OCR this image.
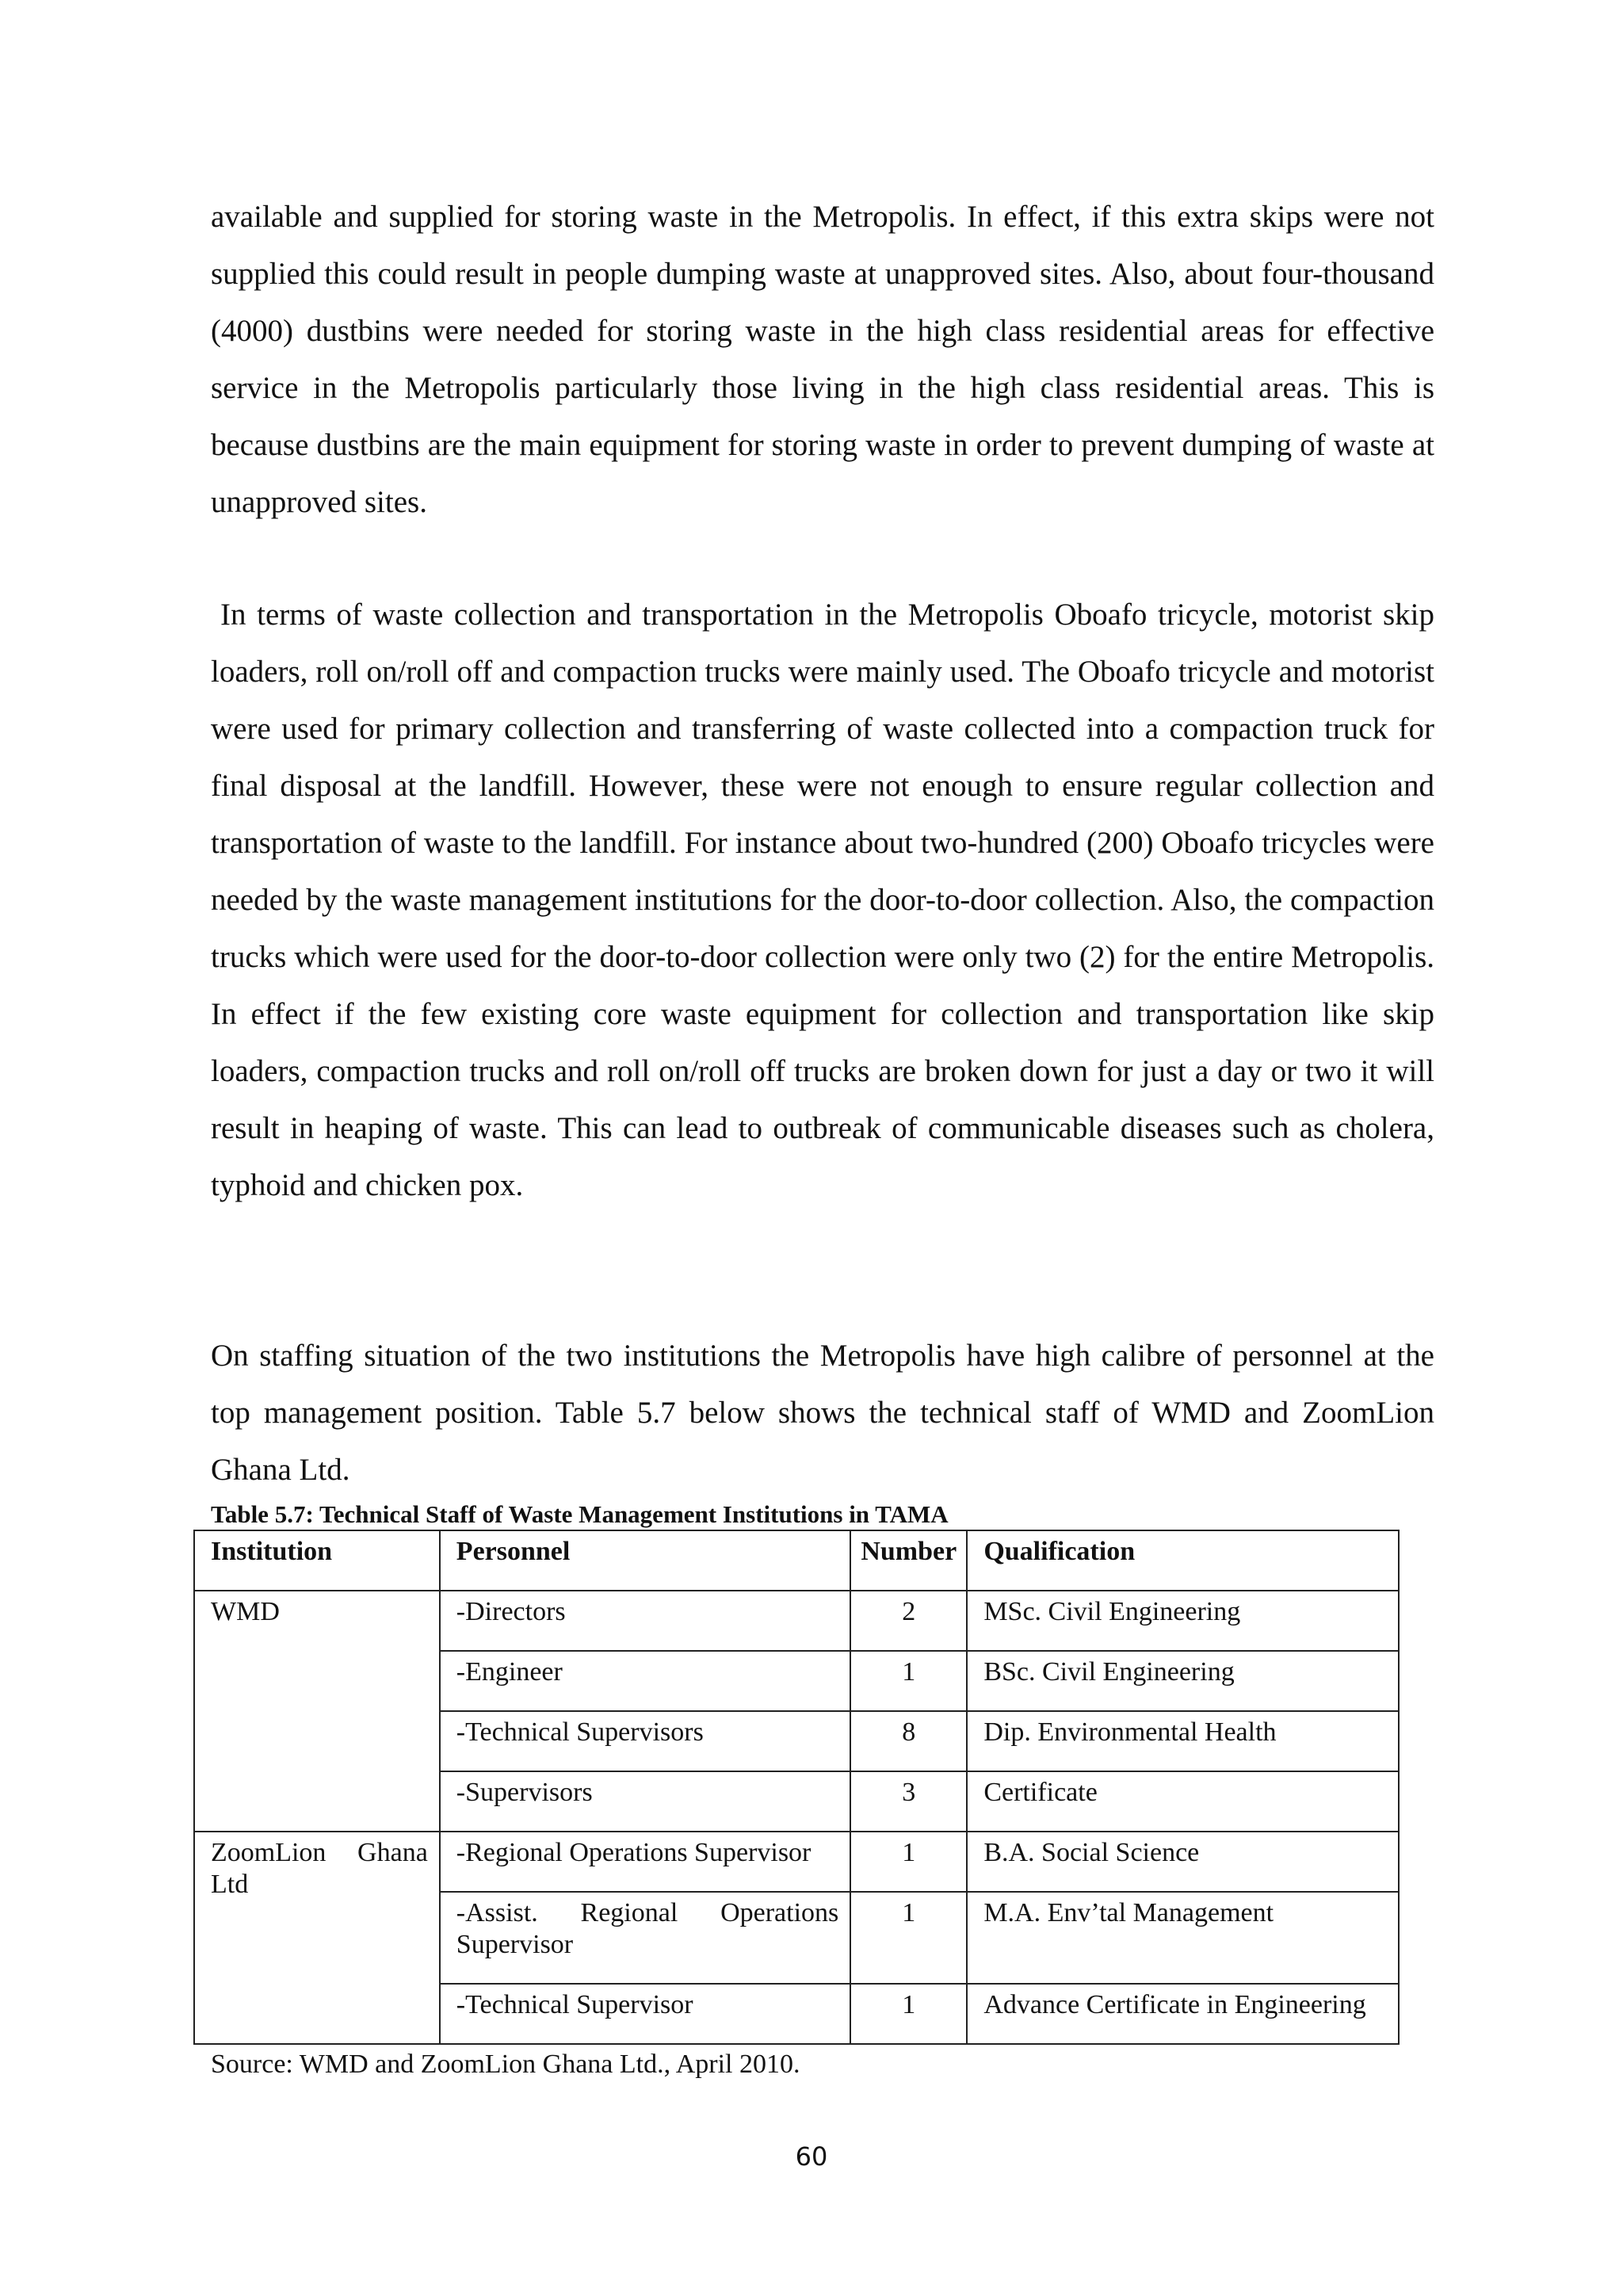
available and supplied for storing waste in the Metropolis. In effect, if this extra skips were not supplied this could result in people dumping waste at unapproved sites. Also, about four-thousand (4000) dustbins were needed for storing waste in the high class residential areas for effective service in the Metropolis particularly those living in the high class residential areas. This is because dustbins are the main equipment for storing waste in order to prevent dumping of waste at unapproved sites.

In terms of waste collection and transportation in the Metropolis Oboafo tricycle, motorist skip loaders, roll on/roll off and compaction trucks were mainly used. The Oboafo tricycle and motorist were used for primary collection and transferring of waste collected into a compaction truck for final disposal at the landfill. However, these were not enough to ensure regular collection and transportation of waste to the landfill. For instance about two-hundred (200) Oboafo tricycles were needed by the waste management institutions for the door-to-door collection. Also, the compaction trucks which were used for the door-to-door collection were only two (2) for the entire Metropolis. In effect if the few existing core waste equipment for collection and transportation like skip loaders, compaction trucks and roll on/roll off trucks are broken down for just a day or two it will result in heaping of waste. This can lead to outbreak of communicable diseases such as cholera, typhoid and chicken pox.

On staffing situation of the two institutions the Metropolis have high calibre of personnel at the top management position. Table 5.7 below shows the technical staff of WMD and ZoomLion Ghana Ltd.

Table 5.7: Technical Staff of Waste Management Institutions in TAMA

Institution	Personnel	Number	Qualification
WMD	-Directors	2	MSc. Civil Engineering
	-Engineer	1	BSc. Civil Engineering
	-Technical Supervisors	8	Dip. Environmental Health
	-Supervisors	3	Certificate
ZoomLion Ghana Ltd	-Regional Operations Supervisor	1	B.A. Social Science
	-Assist. Regional Operations Supervisor	1	M.A. Env’tal Management
	-Technical Supervisor	1	Advance Certificate in Engineering

Source: WMD and ZoomLion Ghana Ltd., April 2010.

60
